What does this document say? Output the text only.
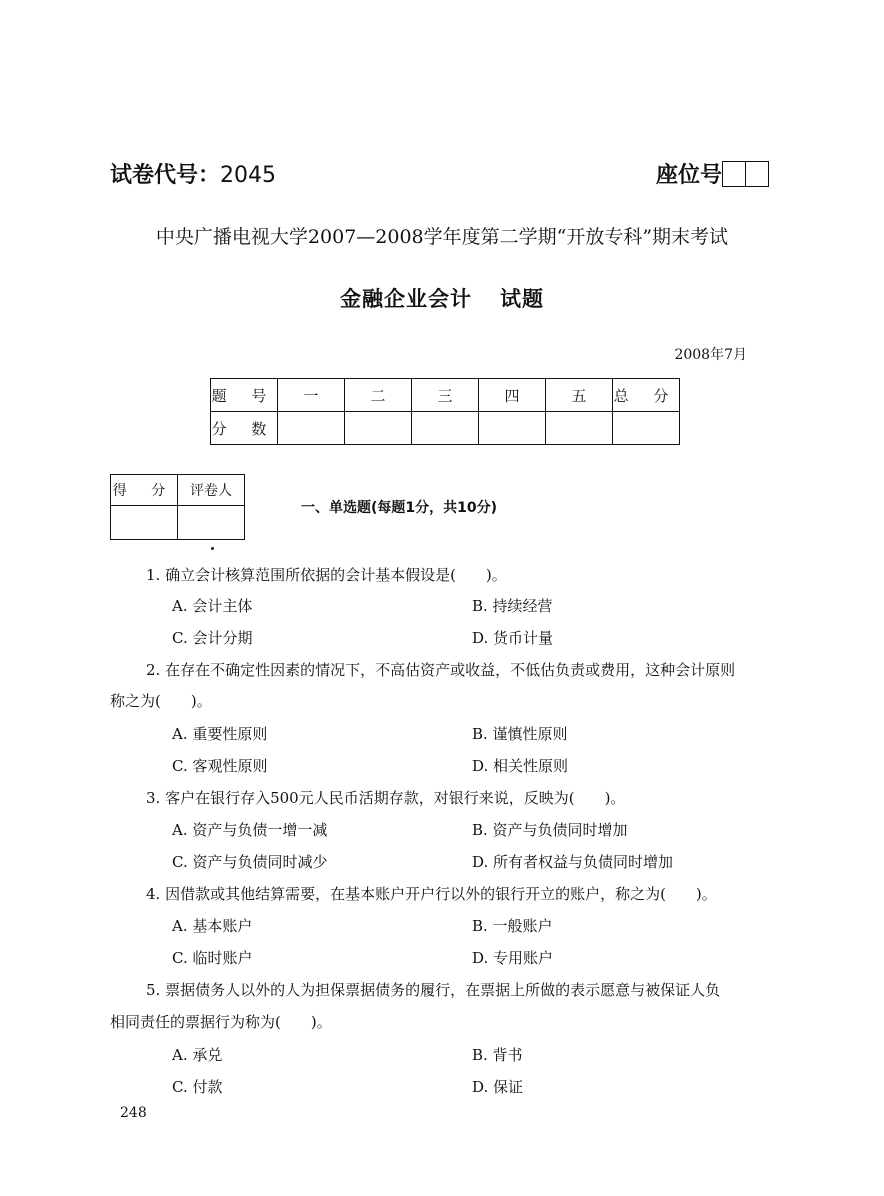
试卷代号：2045	座位号
中央广播电视大学2007—2008学年度第二学期“开放专科”期末考试
金融企业会计 试题
2008年7月
题 号	一	二	三	四	五	总 分
分 数						
得 分	评卷人

一、单选题(每题1分，共10分)
1. 确立会计核算范围所依据的会计基本假设是(　　)。
A. 会计主体	B. 持续经营
C. 会计分期	D. 货币计量
2. 在存在不确定性因素的情况下，不高估资产或收益，不低估负责或费用，这种会计原则
称之为(　　)。
A. 重要性原则	B. 谨慎性原则
C. 客观性原则	D. 相关性原则
3. 客户在银行存入500元人民币活期存款，对银行来说，反映为(　　)。
A. 资产与负债一增一减	B. 资产与负债同时增加
C. 资产与负债同时减少	D. 所有者权益与负债同时增加
4. 因借款或其他结算需要，在基本账户开户行以外的银行开立的账户，称之为(　　)。
A. 基本账户	B. 一般账户
C. 临时账户	D. 专用账户
5. 票据债务人以外的人为担保票据债务的履行，在票据上所做的表示愿意与被保证人负
相同责任的票据行为称为(　　)。
A. 承兑	B. 背书
C. 付款	D. 保证
248
